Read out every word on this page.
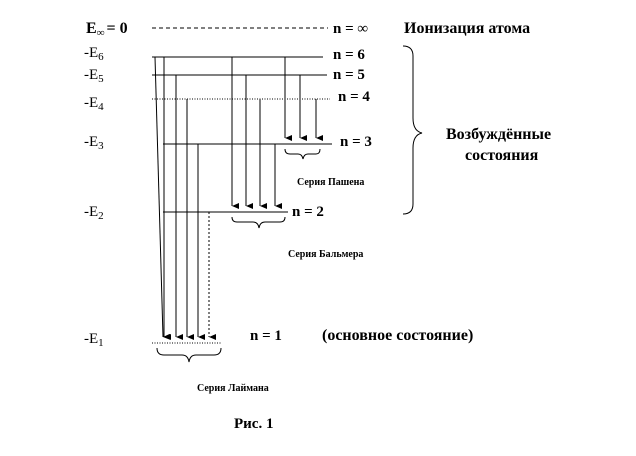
E∞ = 0
$-E_6$
$-E_5$
$-E_4$
$-E_3$
$-E_2$
$-E_1$
n = ∞
n = 6
n = 5
n = 4
n = 3
n = 2
n = 1
Ионизация атома
Возбуждённые
состояния
(основное состояние)
Серия Пашена
Серия Бальмера
Серия Лаймана
Рис. 1
